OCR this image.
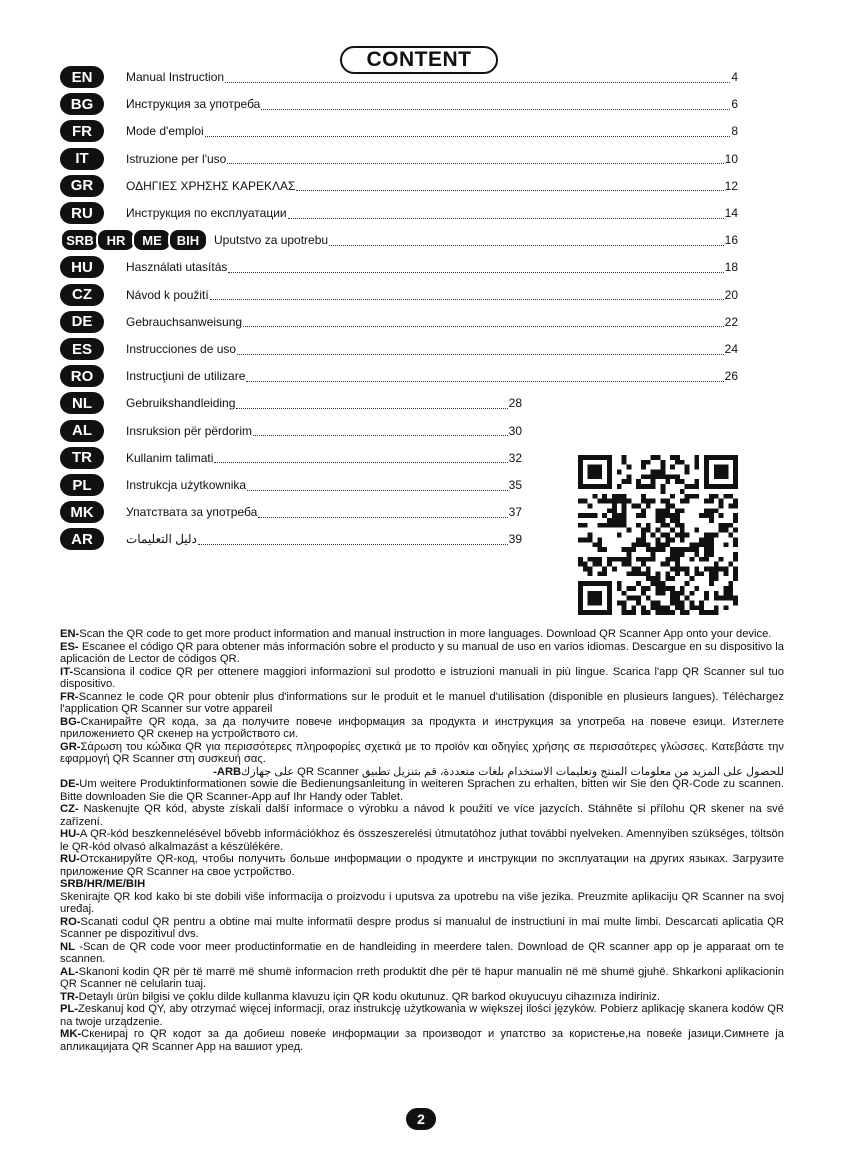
CONTENT
EN	Manual Instruction	4
BG	Инструкция за употреба	6
FR	Mode d'emploi	8
IT	Istruzione per l'uso	10
GR	ΟΔΗΓΙΕΣ ΧΡΗΣΗΣ ΚΑΡΕΚΛΑΣ	12
RU	Инструкция по експлуатации	14
SRB HR	ME	BIH	Uputstvo za upotrebu	16
HU	Használati utasítás	18
CZ	Návod k použití	20
DE	Gebrauchsanweisung	22
ES	Instrucciones de uso	24
RO	Instrucţiuni de utilizare	26
NL	Gebruikshandleiding	28
AL	Insruksion për përdorim	30
TR	Kullanim talimati	32
PL	Instrukcja użytkownika	35
MK	Упатствата за употреба	37
AR	دليل التعليمات	39

EN-Scan the QR code to get more product information and manual instruction in more languages. Download QR Scanner App onto your device.

ES- Escanee el código QR para obtener más información sobre el producto y su manual de uso en varios idiomas. Descargue en su dispositivo la aplicación de Lector de códigos QR.

IT-Scansiona il codice QR per ottenere maggiori informazioni sul prodotto e istruzioni manuali in più lingue. Scarica l'app QR Scanner sul tuo dispositivo.

FR-Scannez le code QR pour obtenir plus d'informations sur le produit et le manuel d'utilisation (disponible en plusieurs langues). Téléchargez l'application QR Scanner sur votre appareil

BG-Сканирайте QR кода, за да получите повече информация за продукта и инструкция за употреба на повече езици. Изтеглете приложението QR скенер на устройството си.

GR-Σάρωση του κώδικα QR για περισσότερες πληροφορίες σχετικά με το προϊόν και οδηγίες χρήσης σε περισσότερες γλώσσες. Κατεβάστε την εφαρμογή QR Scanner στη συσκευή σας.

للحصول على المزيد من معلومات المنتج وتعليمات الاستخدام بلغات متعددة، قم بتنزيل تطبيق QR Scanner على جهازكARB-

DE-Um weitere Produktinformationen sowie die Bedienungsanleitung in weiteren Sprachen zu erhalten, bitten wir Sie den QR-Code zu scannen. Bitte downloaden Sie die QR Scanner-App auf Ihr Handy oder Tablet.

CZ- Naskenujte QR kód, abyste získali další informace o výrobku a návod k použití ve více jazycích. Stáhněte si přílohu QR skener na své zařízení.

HU-A QR-kód beszkennelésével bővebb információkhoz és összeszerelési útmutatóhoz juthat további nyelveken. Amennyiben szükséges, töltsön le QR-kód olvasó alkalmazást a készülékére.

RU-Отсканируйте QR-код, чтобы получить больше информации о продукте и инструкции по эксплуатации на других языках. Загрузите приложение QR Scanner на свое устройство.

SRB/HR/ME/BIH

Skenirajte QR kod kako bi ste dobili više informacija o proizvodu i uputsva za upotrebu na više jezika. Preuzmite aplikaciju QR Scanner na svoj uređaj.

RO-Scanati codul QR pentru a obtine mai multe informatii despre produs si manualul de instructiuni in mai multe limbi. Descarcati aplicatia QR Scanner pe dispozitivul dvs.

NL -Scan de QR code voor meer productinformatie en de handleiding in meerdere talen. Download de QR scanner app op je apparaat om te scannen.

AL-Skanoni kodin QR për të marrë më shumë informacion rreth produktit dhe për të hapur manualin në më shumë gjuhë. Shkarkoni aplikacionin QR Scanner në celularin tuaj.

TR-Detaylı ürün bilgisi ve çoklu dilde kullanma klavuzu için QR kodu okutunuz. QR barkod okuyucuyu cihazınıza indiriniz.

PL-Zeskanuj kod QY, aby otrzymać więcej informacji, oraz instrukcję użytkowania w większej ilości języków. Pobierz aplikację skanera kodów QR na twoje urządzenie.

MK-Скенирај го QR кодот за да добиеш повеќе информации за производот и упатство за користење,на повеќе јазици.Симнете ја апликацијата QR Scanner App на вашиот уред.

2
